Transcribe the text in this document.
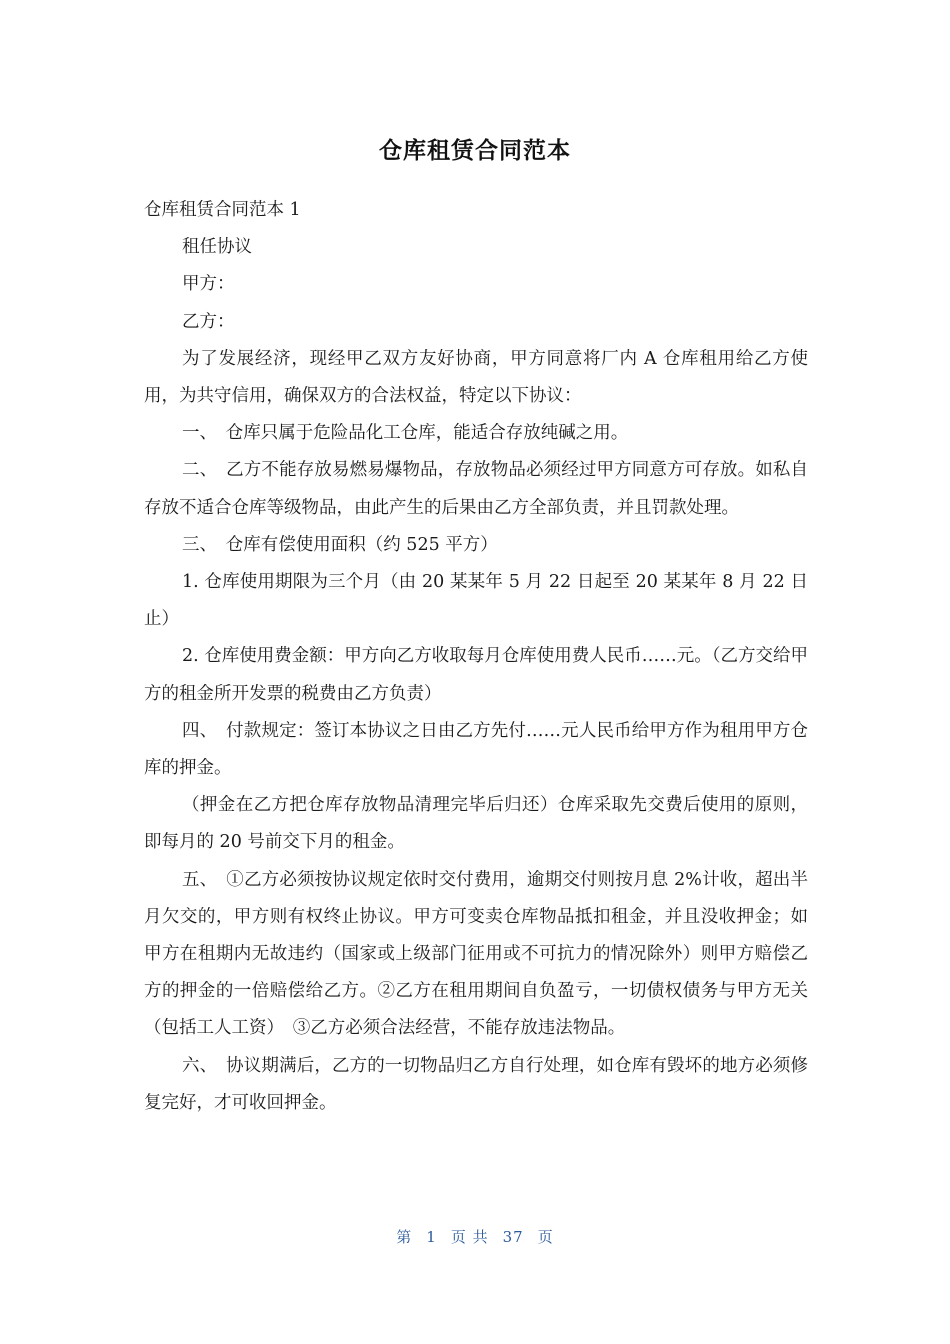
仓库租赁合同范本

仓库租赁合同范本 1

租任协议

甲方：

乙方：

为了发展经济，现经甲乙双方友好协商，甲方同意将厂内 A 仓库租用给乙方使用，为共守信用，确保双方的合法权益，特定以下协议：

一、　仓库只属于危险品化工仓库，能适合存放纯碱之用。

二、　乙方不能存放易燃易爆物品，存放物品必须经过甲方同意方可存放。如私自存放不适合仓库等级物品，由此产生的后果由乙方全部负责，并且罚款处理。

三、　仓库有偿使用面积（约 525 平方）

1. 仓库使用期限为三个月（由 20 某某年 5 月 22 日起至 20 某某年 8 月 22 日止）

2. 仓库使用费金额：甲方向乙方收取每月仓库使用费人民币……元。（乙方交给甲方的租金所开发票的税费由乙方负责）

四、　付款规定：签订本协议之日由乙方先付……元人民币给甲方作为租用甲方仓库的押金。

（押金在乙方把仓库存放物品清理完毕后归还）仓库采取先交费后使用的原则，即每月的 20 号前交下月的租金。

五、　①乙方必须按协议规定依时交付费用，逾期交付则按月息 2%计收，超出半月欠交的，甲方则有权终止协议。甲方可变卖仓库物品抵扣租金，并且没收押金；如甲方在租期内无故违约（国家或上级部门征用或不可抗力的情况除外）则甲方赔偿乙方的押金的一倍赔偿给乙方。②乙方在租用期间自负盈亏，一切债权债务与甲方无关（包括工人工资）　③乙方必须合法经营，不能存放违法物品。

六、　协议期满后，乙方的一切物品归乙方自行处理，如仓库有毁坏的地方必须修复完好，才可收回押金。

第 1 页 共 37 页
